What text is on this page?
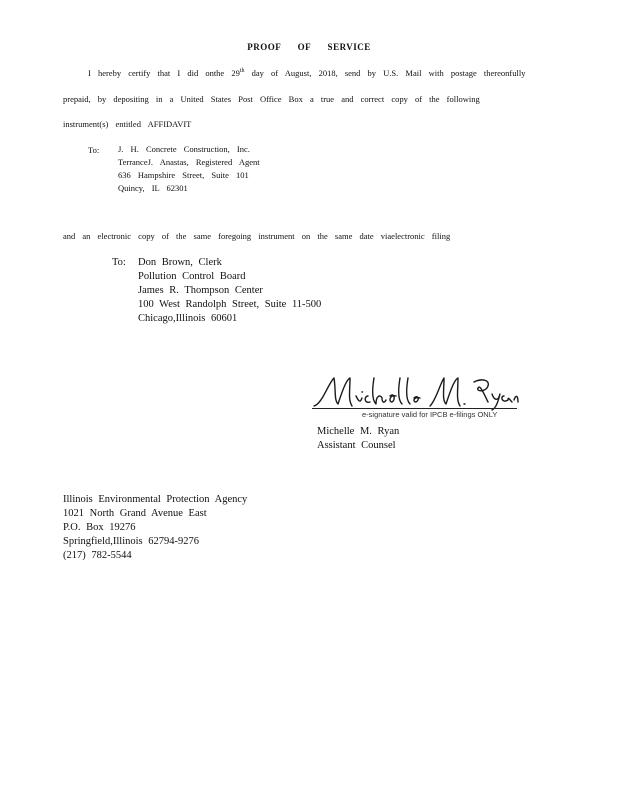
PROOF OF SERVICE
I hereby certify that I did onthe 29th day of August, 2018, send by U.S. Mail with postage thereonfully
prepaid, by depositing in a United States Post Office Box a true and correct copy of the following
instrument(s) entitled AFFIDAVIT
To: J. H. Concrete Construction, Inc.
TerranceJ. Anastas, Registered Agent
636 Hampshire Street, Suite 101
Quincy, IL 62301
and an electronic copy of the same foregoing instrument on the same date viaelectronic filing
To: Don Brown, Clerk
Pollution Control Board
James R. Thompson Center
100 West Randolph Street, Suite 11-500
Chicago,Illinois 60601
e-signature valid for IPCB e-filings ONLY
Michelle M. Ryan
Assistant Counsel
Illinois Environmental Protection Agency
1021 North Grand Avenue East
P.O. Box 19276
Springfield,Illinois 62794-9276
(217) 782-5544
